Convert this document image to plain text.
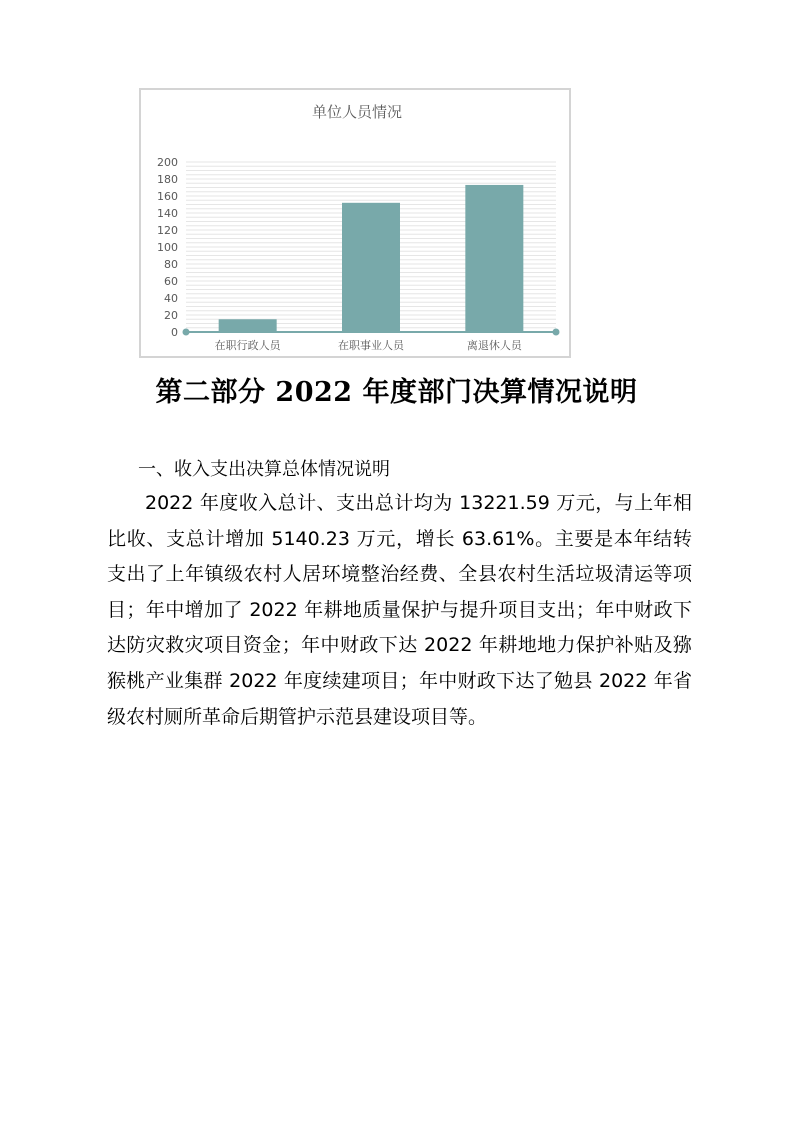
单位人员情况
0
20
40
60
80
100
120
140
160
180
200
在职行政人员	在职事业人员	离退休人员
第二部分 2022 年度部门决算情况说明
一、收入支出决算总体情况说明

2022 年度收入总计、支出总计均为 13221.59 万元，与上年相比收、支总计增加 5140.23 万元，增长 63.61%。主要是本年结转支出了上年镇级农村人居环境整治经费、全县农村生活垃圾清运等项目；年中增加了 2022 年耕地质量保护与提升项目支出；年中财政下达防灾救灾项目资金；年中财政下达 2022 年耕地地力保护补贴及猕猴桃产业集群 2022 年度续建项目；年中财政下达了勉县 2022 年省级农村厕所革命后期管护示范县建设项目等。
